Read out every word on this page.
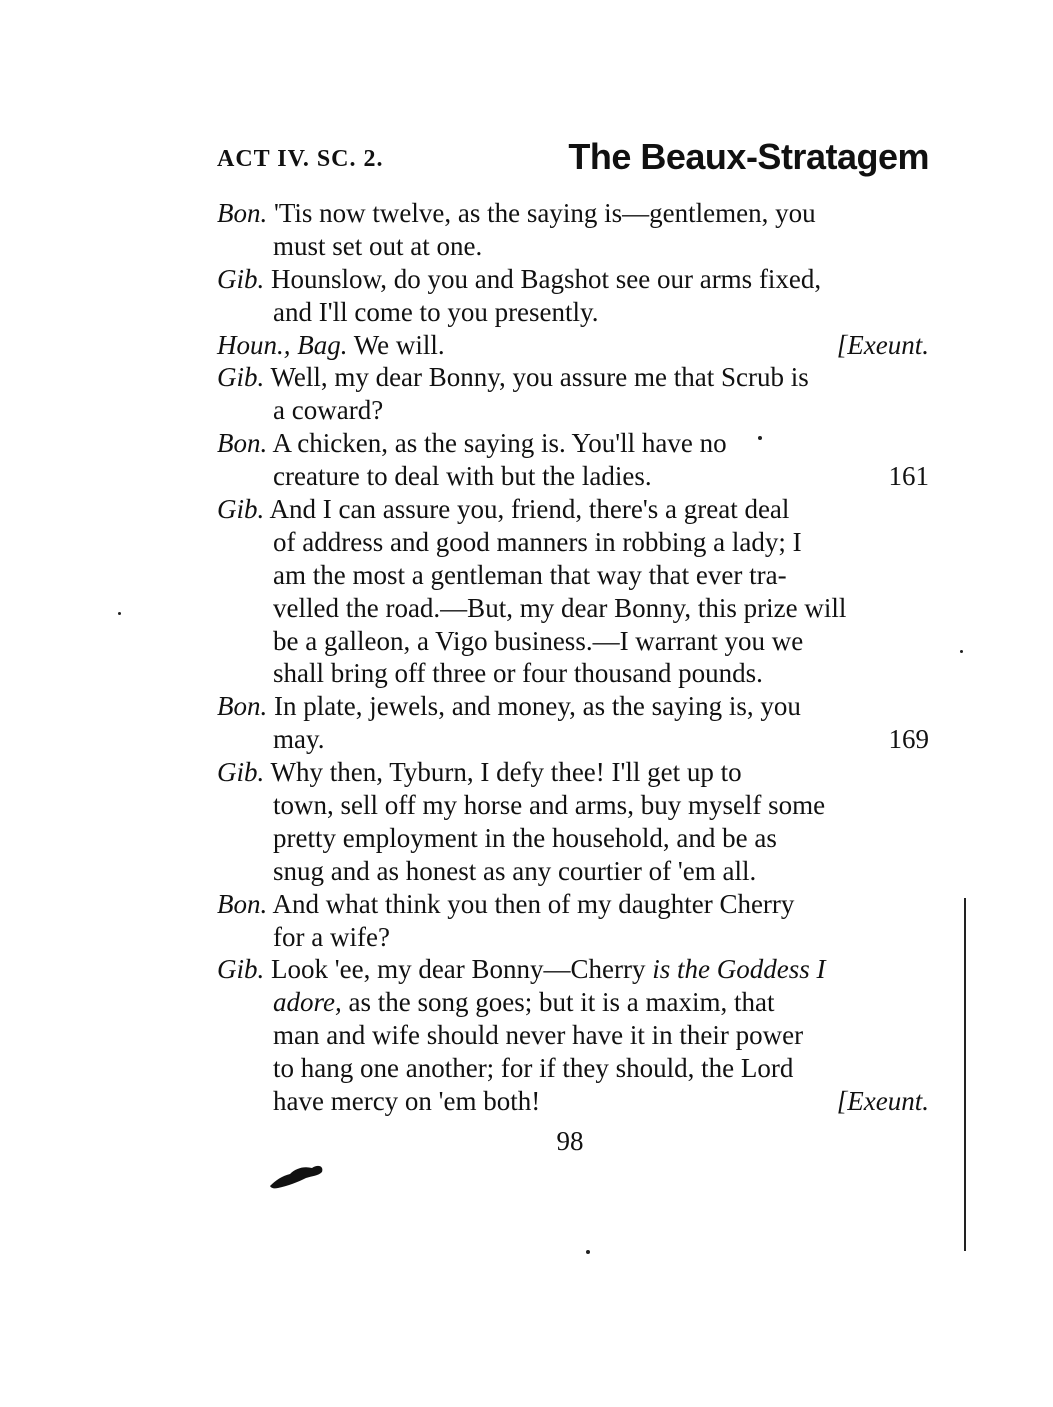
ACT IV. SC. 2.	The Beaux-Stratagem
Bon. 'Tis now twelve, as the saying is—gentlemen, you
must set out at one.
Gib. Hounslow, do you and Bagshot see our arms fixed,
and I'll come to you presently.
Houn., Bag. We will.	[Exeunt.
Gib. Well, my dear Bonny, you assure me that Scrub is
a coward?
Bon. A chicken, as the saying is. You'll have no
creature to deal with but the ladies.	161
Gib. And I can assure you, friend, there's a great deal
of address and good manners in robbing a lady; I
am the most a gentleman that way that ever tra-
velled the road.—But, my dear Bonny, this prize will
be a galleon, a Vigo business.—I warrant you we
shall bring off three or four thousand pounds.
Bon. In plate, jewels, and money, as the saying is, you
may.	169
Gib. Why then, Tyburn, I defy thee! I'll get up to
town, sell off my horse and arms, buy myself some
pretty employment in the household, and be as
snug and as honest as any courtier of 'em all.
Bon. And what think you then of my daughter Cherry
for a wife?
Gib. Look 'ee, my dear Bonny—Cherry is the Goddess I
adore, as the song goes; but it is a maxim, that
man and wife should never have it in their power
to hang one another; for if they should, the Lord
have mercy on 'em both!	[Exeunt.
98
